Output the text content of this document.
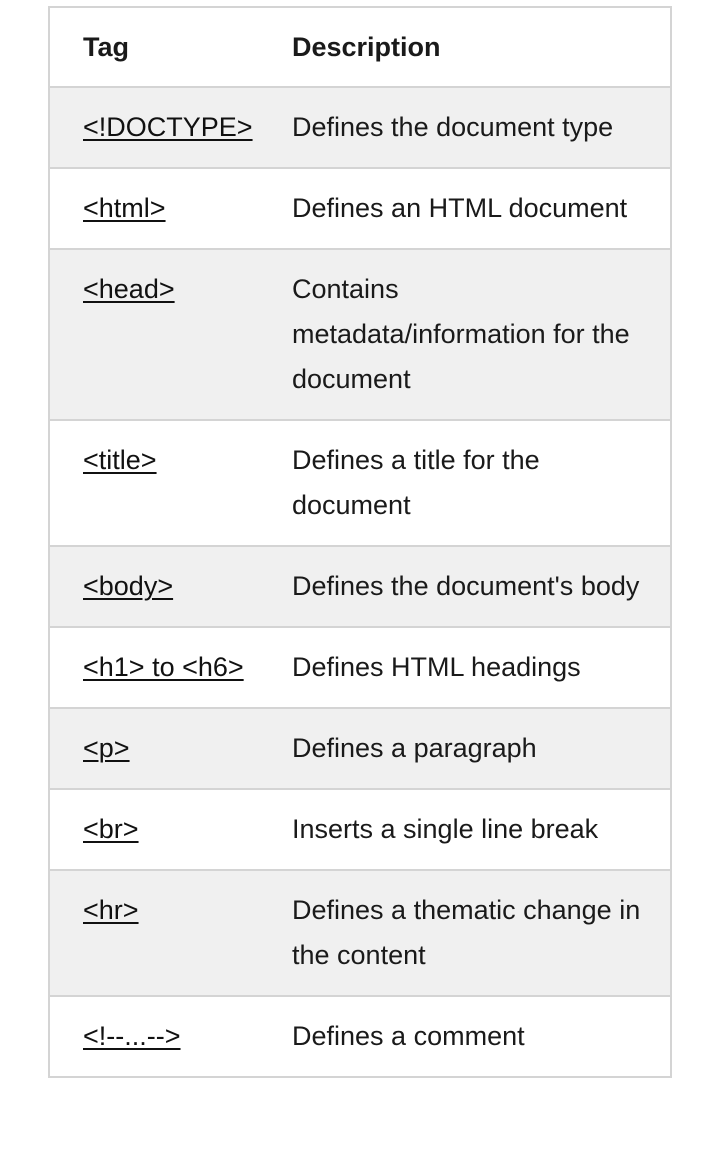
Tag	Description
<!DOCTYPE>	Defines the document type
<html>	Defines an HTML document
<head>	Contains metadata/information for the document
<title>	Defines a title for the document
<body>	Defines the document's body
<h1> to <h6>	Defines HTML headings
<p>	Defines a paragraph
<br>	Inserts a single line break
<hr>	Defines a thematic change in the content
<!--...-->	Defines a comment
